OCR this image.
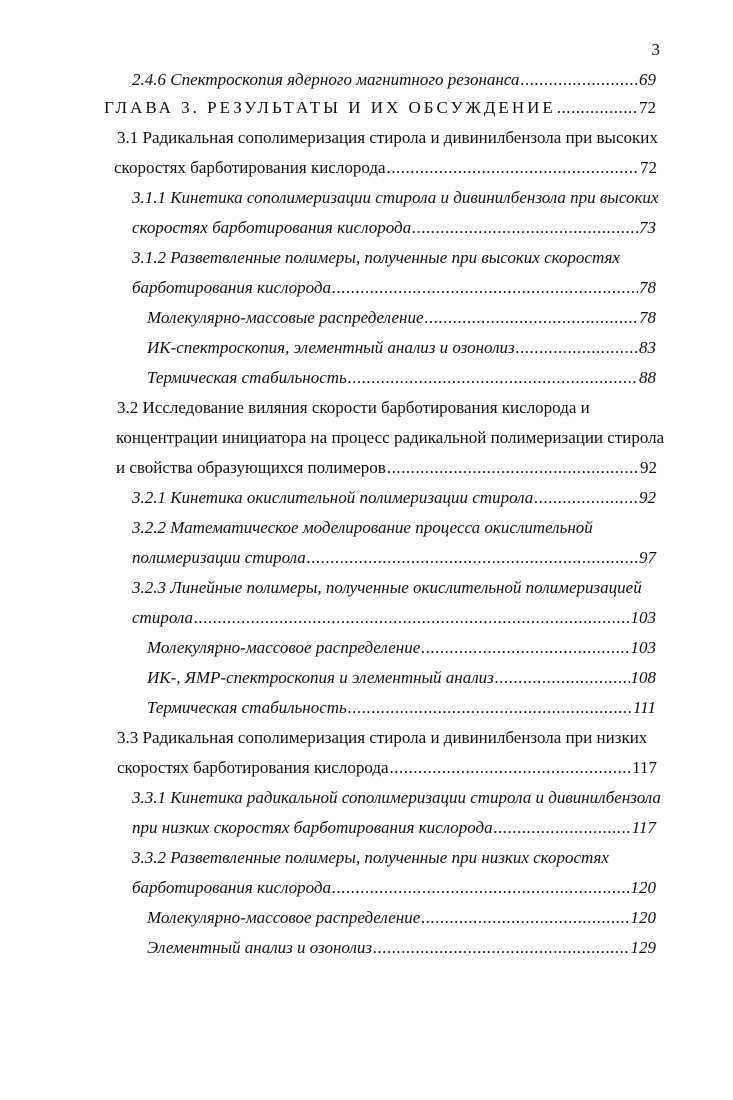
3
2.4.6 Спектроскопия ядерного магнитного резонанса .....	69
ГЛАВА 3. РЕЗУЛЬТАТЫ И ИХ ОБСУЖДЕНИЕ .....	72
3.1 Радикальная сополимеризация стирола и дивинилбензола при высоких
скоростях барботирования кислорода .....	72
3.1.1 Кинетика сополимеризации стирола и дивинилбензола при высоких
скоростях барботирования кислорода .....	73
3.1.2 Разветвленные полимеры, полученные при высоких скоростях
барботирования кислорода .....	78
Молекулярно-массовые распределение .....	78
ИК-спектроскопия, элементный анализ и озонолиз .....	83
Термическая стабильность .....	88
3.2 Исследование виляния скорости барботирования кислорода и
концентрации инициатора на процесс радикальной полимеризации стирола
и свойства образующихся полимеров .....	92
3.2.1 Кинетика окислительной полимеризации стирола .....	92
3.2.2 Математическое моделирование процесса окислительной
полимеризации стирола .....	97
3.2.3 Линейные полимеры, полученные окислительной полимеризацией
стирола .....	103
Молекулярно-массовое распределение .....	103
ИК-, ЯМР-спектроскопия и элементный анализ .....	108
Термическая стабильность .....	111
3.3 Радикальная сополимеризация стирола и дивинилбензола при низких
скоростях барботирования кислорода .....	117
3.3.1 Кинетика радикальной сополимеризации стирола и дивинилбензола
при низких скоростях барботирования кислорода .....	117
3.3.2 Разветвленные полимеры, полученные при низких скоростях
барботирования кислорода .....	120
Молекулярно-массовое распределение .....	120
Элементный анализ и озонолиз .....	129
